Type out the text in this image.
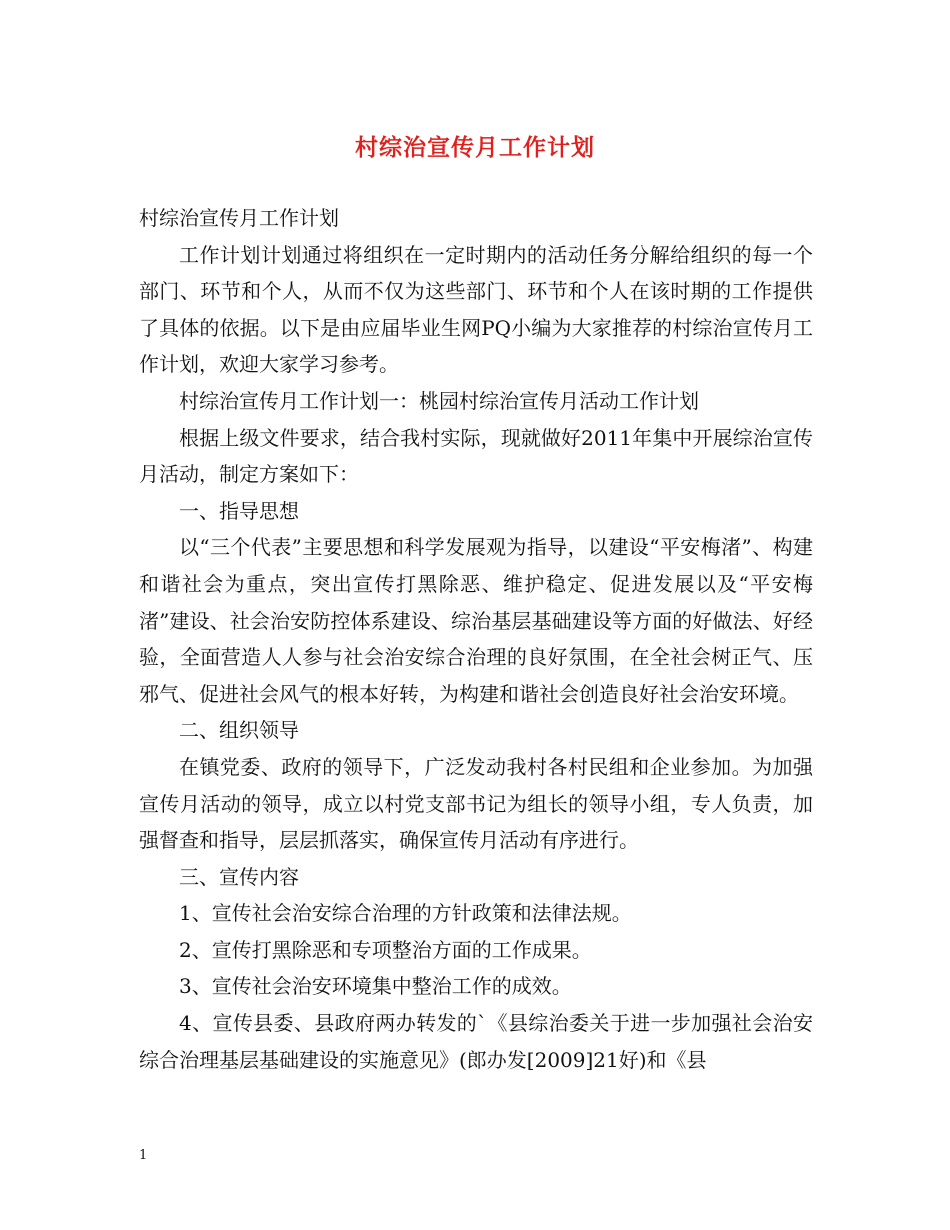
村综治宣传月工作计划

村综治宣传月工作计划

工作计划计划通过将组织在一定时期内的活动任务分解给组织的每一个部门、环节和个人，从而不仅为这些部门、环节和个人在该时期的工作提供了具体的依据。以下是由应届毕业生网PQ小编为大家推荐的村综治宣传月工作计划，欢迎大家学习参考。

村综治宣传月工作计划一：桃园村综治宣传月活动工作计划

根据上级文件要求，结合我村实际，现就做好2011年集中开展综治宣传月活动，制定方案如下：

一、指导思想

以“三个代表”主要思想和科学发展观为指导，以建设“平安梅渚”、构建和谐社会为重点，突出宣传打黑除恶、维护稳定、促进发展以及“平安梅渚”建设、社会治安防控体系建设、综治基层基础建设等方面的好做法、好经验，全面营造人人参与社会治安综合治理的良好氛围，在全社会树正气、压邪气、促进社会风气的根本好转，为构建和谐社会创造良好社会治安环境。

二、组织领导

在镇党委、政府的领导下，广泛发动我村各村民组和企业参加。为加强宣传月活动的领导，成立以村党支部书记为组长的领导小组，专人负责，加强督查和指导，层层抓落实，确保宣传月活动有序进行。

三、宣传内容

1、宣传社会治安综合治理的方针政策和法律法规。

2、宣传打黑除恶和专项整治方面的工作成果。

3、宣传社会治安环境集中整治工作的成效。

4、宣传县委、县政府两办转发的`《县综治委关于进一步加强社会治安综合治理基层基础建设的实施意见》(郎办发[2009]21好)和《县

1
